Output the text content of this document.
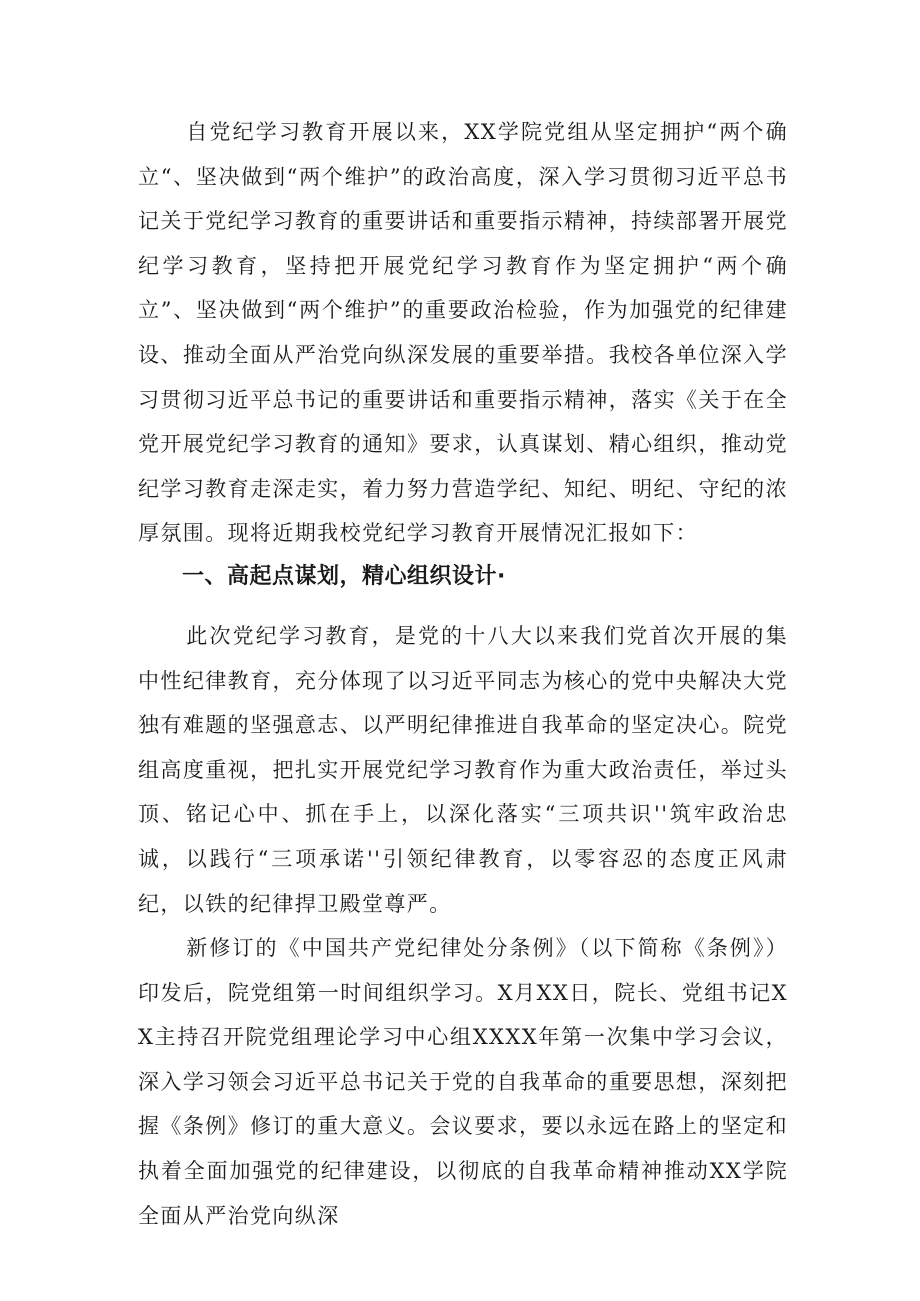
自党纪学习教育开展以来，XX学院党组从坚定拥护“两个确立“、坚决做到“两个维护”的政治高度，深入学习贯彻习近平总书记关于党纪学习教育的重要讲话和重要指示精神，持续部署开展党纪学习教育，坚持把开展党纪学习教育作为坚定拥护“两个确立”、坚决做到“两个维护”的重要政治检验，作为加强党的纪律建设、推动全面从严治党向纵深发展的重要举措。我校各单位深入学习贯彻习近平总书记的重要讲话和重要指示精神，落实《关于在全党开展党纪学习教育的通知》要求，认真谋划、精心组织，推动党纪学习教育走深走实，着力努力营造学纪、知纪、明纪、守纪的浓厚氛围。现将近期我校党纪学习教育开展情况汇报如下：

一、高起点谋划，精心组织设计·

此次党纪学习教育，是党的十八大以来我们党首次开展的集中性纪律教育，充分体现了以习近平同志为核心的党中央解决大党独有难题的坚强意志、以严明纪律推进自我革命的坚定决心。院党组高度重视，把扎实开展党纪学习教育作为重大政治责任，举过头顶、铭记心中、抓在手上，以深化落实“三项共识''筑牢政治忠诚，以践行“三项承诺''引领纪律教育，以零容忍的态度正风肃纪，以铁的纪律捍卫殿堂尊严。

新修订的《中国共产党纪律处分条例》（以下简称《条例》）印发后，院党组第一时间组织学习。X月XX日，院长、党组书记XX主持召开院党组理论学习中心组XXXX年第一次集中学习会议，深入学习领会习近平总书记关于党的自我革命的重要思想，深刻把握《条例》修订的重大意义。会议要求，要以永远在路上的坚定和执着全面加强党的纪律建设，以彻底的自我革命精神推动XX学院全面从严治党向纵深
